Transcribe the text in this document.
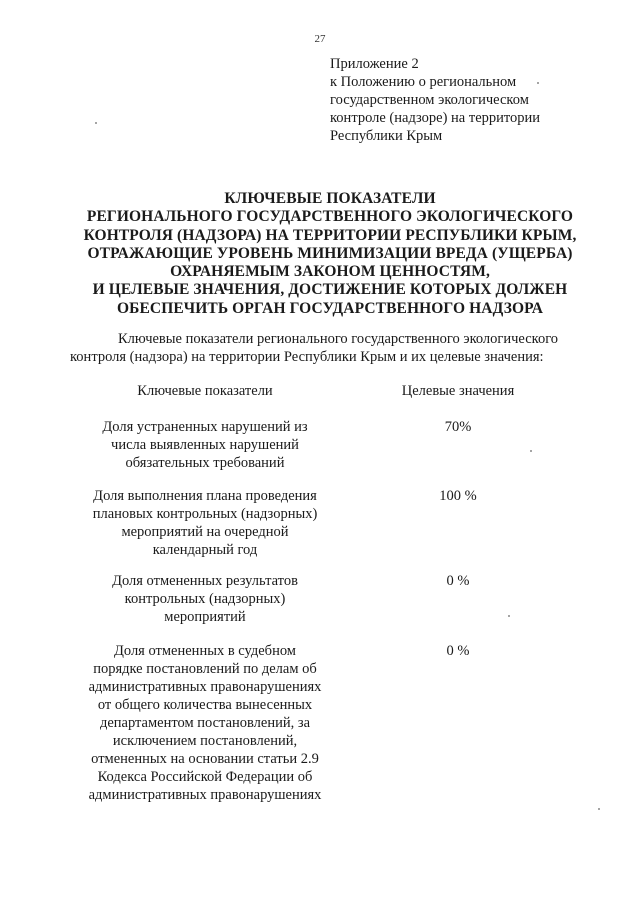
27
Приложение 2
к Положению о региональном
государственном экологическом
контроле (надзоре) на территории
Республики Крым
КЛЮЧЕВЫЕ ПОКАЗАТЕЛИ
РЕГИОНАЛЬНОГО ГОСУДАРСТВЕННОГО ЭКОЛОГИЧЕСКОГО
КОНТРОЛЯ (НАДЗОРА) НА ТЕРРИТОРИИ РЕСПУБЛИКИ КРЫМ,
ОТРАЖАЮЩИЕ УРОВЕНЬ МИНИМИЗАЦИИ ВРЕДА (УЩЕРБА)
ОХРАНЯЕМЫМ ЗАКОНОМ ЦЕННОСТЯМ,
И ЦЕЛЕВЫЕ ЗНАЧЕНИЯ, ДОСТИЖЕНИЕ КОТОРЫХ ДОЛЖЕН
ОБЕСПЕЧИТЬ ОРГАН ГОСУДАРСТВЕННОГО НАДЗОРА
Ключевые показатели регионального государственного экологического
контроля (надзора) на территории Республики Крым и их целевые значения:
Ключевые показатели	Целевые значения
Доля устраненных нарушений из
числа выявленных нарушений
обязательных требований
70%
Доля выполнения плана проведения
плановых контрольных (надзорных)
мероприятий на очередной
календарный год
100 %
Доля отмененных результатов
контрольных (надзорных)
мероприятий
0 %
Доля отмененных в судебном
порядке постановлений по делам об
административных правонарушениях
от общего количества вынесенных
департаментом постановлений, за
исключением постановлений,
отмененных на основании статьи 2.9
Кодекса Российской Федерации об
административных правонарушениях
0 %
